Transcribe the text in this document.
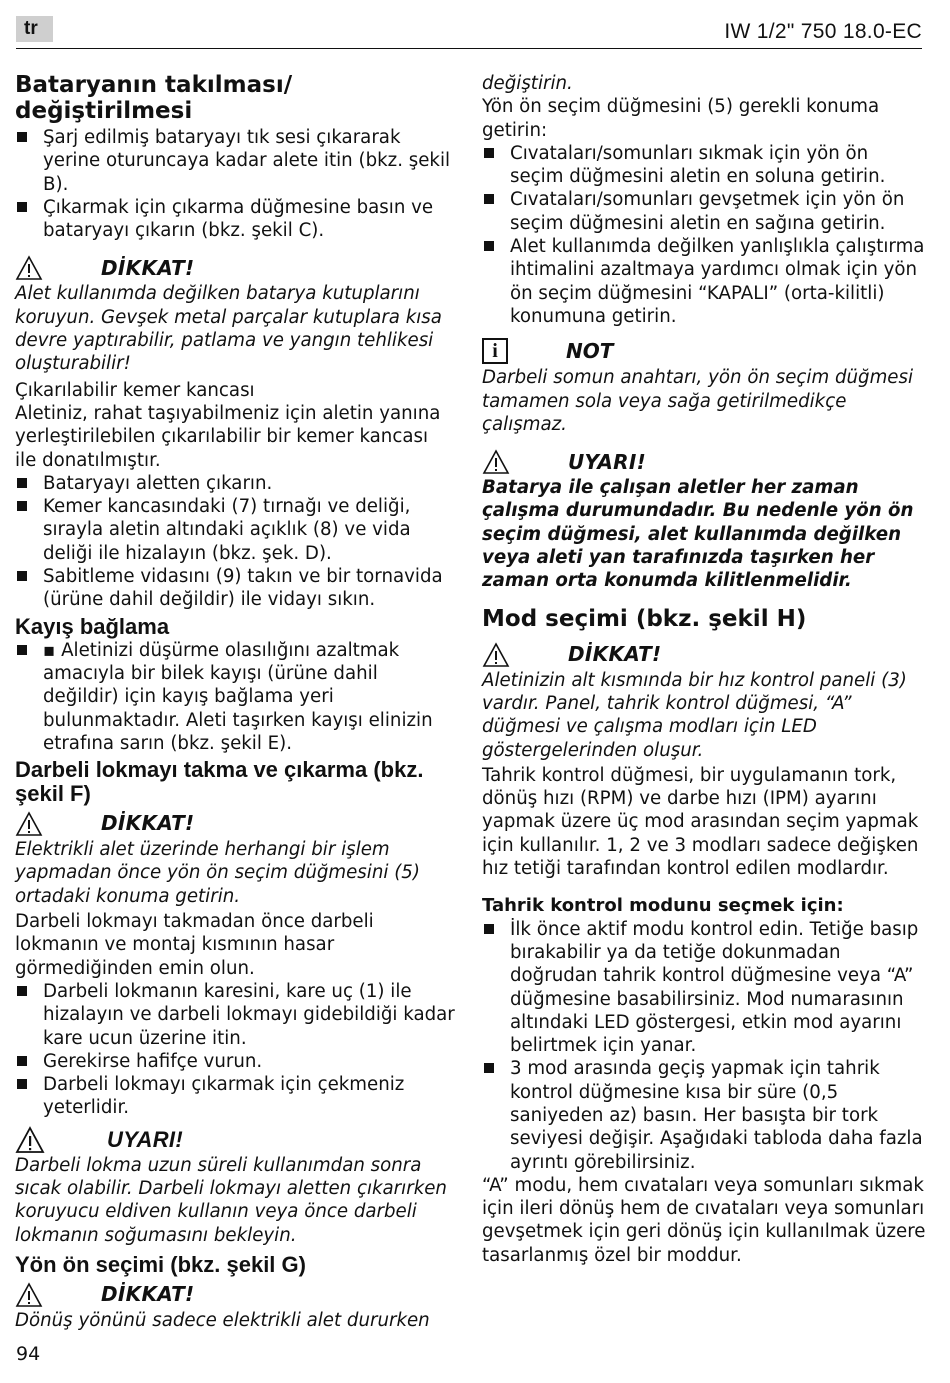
tr	IW 1/2" 750 18.0-EC
Bataryanın takılması/
değiştirilmesi
Şarj edilmiş bataryayı tık sesi çıkararak yerine oturuncaya kadar alete itin (bkz. şekil B).
Çıkarmak için çıkarma düğmesine basın ve bataryayı çıkarın (bkz. şekil C).
DİKKAT!

Alet kullanımda değilken batarya kutuplarını koruyun. Gevşek metal parçalar kutuplara kısa devre yaptırabilir, patlama ve yangın tehlikesi oluşturabilir!

Çıkarılabilir kemer kancası

Aletiniz, rahat taşıyabilmeniz için aletin yanına yerleştirilebilen çıkarılabilir bir kemer kancası ile donatılmıştır.

Bataryayı aletten çıkarın.
Kemer kancasındaki (7) tırnağı ve deliği, sırayla aletin altındaki açıklık (8) ve vida deliği ile hizalayın (bkz. şek. D).
Sabitleme vidasını (9) takın ve bir tornavida (ürüne dahil değildir) ile vidayı sıkın.
Kayış bağlama
▪ Aletinizi düşürme olasılığını azaltmak amacıyla bir bilek kayışı (ürüne dahil değildir) için kayış bağlama yeri bulunmaktadır. Aleti taşırken kayışı elinizin etrafına sarın (bkz. şekil E).
Darbeli lokmayı takma ve çıkarma (bkz. şekil F)
DİKKAT!

Elektrikli alet üzerinde herhangi bir işlem yapmadan önce yön ön seçim düğmesini (5) ortadaki konuma getirin.

Darbeli lokmayı takmadan önce darbeli lokmanın ve montaj kısmının hasar görmediğinden emin olun.

Darbeli lokmanın karesini, kare uç (1) ile hizalayın ve darbeli lokmayı gidebildiği kadar kare ucun üzerine itin.
Gerekirse hafifçe vurun.
Darbeli lokmayı çıkarmak için çekmeniz yeterlidir.
UYARI!

Darbeli lokma uzun süreli kullanımdan sonra sıcak olabilir. Darbeli lokmayı aletten çıkarırken koruyucu eldiven kullanın veya önce darbeli lokmanın soğumasını bekleyin.

Yön ön seçimi (bkz. şekil G)
DİKKAT!

Dönüş yönünü sadece elektrikli alet dururken

değiştirin.

Yön ön seçim düğmesini (5) gerekli konuma getirin:

Cıvataları/somunları sıkmak için yön ön seçim düğmesini aletin en soluna getirin.
Cıvataları/somunları gevşetmek için yön ön seçim düğmesini aletin en sağına getirin.
Alet kullanımda değilken yanlışlıkla çalıştırma ihtimalini azaltmaya yardımcı olmak için yön ön seçim düğmesini “KAPALI” (orta-kilitli) konumuna getirin.
i	NOT

Darbeli somun anahtarı, yön ön seçim düğmesi tamamen sola veya sağa getirilmedikçe çalışmaz.

UYARI!

Batarya ile çalışan aletler her zaman çalışma durumundadır. Bu nedenle yön ön seçim düğmesi, alet kullanımda değilken veya aleti yan tarafınızda taşırken her zaman orta konumda kilitlenmelidir.

Mod seçimi (bkz. şekil H)
DİKKAT!

Aletinizin alt kısmında bir hız kontrol paneli (3) vardır. Panel, tahrik kontrol düğmesi, “A” düğmesi ve çalışma modları için LED göstergelerinden oluşur.

Tahrik kontrol düğmesi, bir uygulamanın tork, dönüş hızı (RPM) ve darbe hızı (IPM) ayarını yapmak üzere üç mod arasından seçim yapmak için kullanılır. 1, 2 ve 3 modları sadece değişken hız tetiği tarafından kontrol edilen modlardır.

Tahrik kontrol modunu seçmek için:
İlk önce aktif modu kontrol edin. Tetiğe basıp bırakabilir ya da tetiğe dokunmadan doğrudan tahrik kontrol düğmesine veya “A” düğmesine basabilirsiniz. Mod numarasının altındaki LED göstergesi, etkin mod ayarını belirtmek için yanar.
3 mod arasında geçiş yapmak için tahrik kontrol düğmesine kısa bir süre (0,5 saniyeden az) basın. Her basışta bir tork seviyesi değişir. Aşağıdaki tabloda daha fazla ayrıntı görebilirsiniz.

“A” modu, hem cıvataları veya somunları sıkmak için ileri dönüş hem de cıvataları veya somunları gevşetmek için geri dönüş için kullanılmak üzere tasarlanmış özel bir moddur.

94
